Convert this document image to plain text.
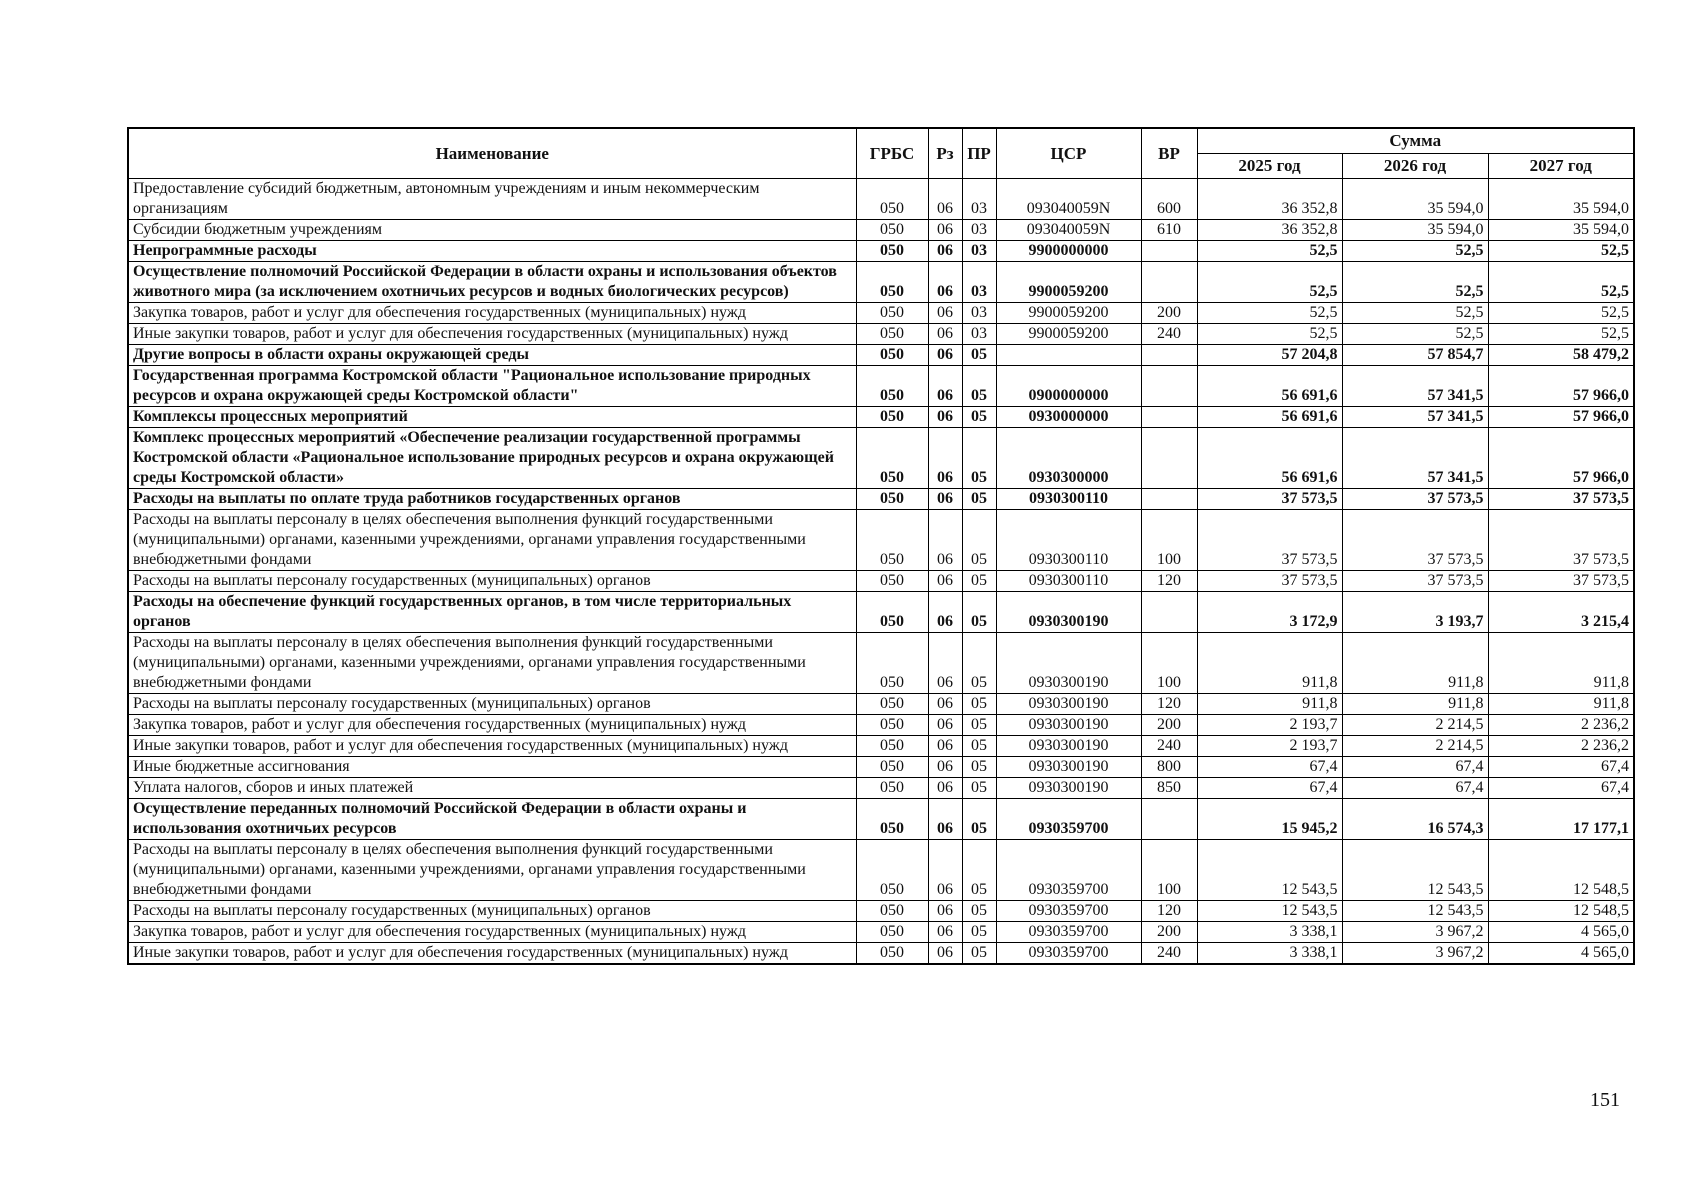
Наименование	ГРБС	Рз	ПР	ЦСР	ВР	Сумма		
						2025 год	2026 год	2027 год
Предоставление субсидий бюджетным, автономным учреждениям и иным некоммерческим организациям	050	06	03	093040059N	600	36 352,8	35 594,0	35 594,0
Субсидии бюджетным учреждениям	050	06	03	093040059N	610	36 352,8	35 594,0	35 594,0
Непрограммные расходы	050	06	03	9900000000		52,5	52,5	52,5
Осуществление полномочий Российской Федерации в области охраны и использования объектов животного мира (за исключением охотничьих ресурсов и водных биологических ресурсов)	050	06	03	9900059200		52,5	52,5	52,5
Закупка товаров, работ и услуг для обеспечения государственных (муниципальных) нужд	050	06	03	9900059200	200	52,5	52,5	52,5
Иные закупки товаров, работ и услуг для обеспечения государственных (муниципальных) нужд	050	06	03	9900059200	240	52,5	52,5	52,5
Другие вопросы в области охраны окружающей среды	050	06	05			57 204,8	57 854,7	58 479,2
Государственная программа Костромской области "Рациональное использование природных ресурсов и охрана окружающей среды Костромской области"	050	06	05	0900000000		56 691,6	57 341,5	57 966,0
Комплексы процессных мероприятий	050	06	05	0930000000		56 691,6	57 341,5	57 966,0
Комплекс процессных мероприятий «Обеспечение реализации государственной программы Костромской области «Рациональное использование природных ресурсов и охрана окружающей среды Костромской области»	050	06	05	0930300000		56 691,6	57 341,5	57 966,0
Расходы на выплаты по оплате труда работников государственных органов	050	06	05	0930300110		37 573,5	37 573,5	37 573,5
Расходы на выплаты персоналу в целях обеспечения выполнения функций государственными (муниципальными) органами, казенными учреждениями, органами управления государственными внебюджетными фондами	050	06	05	0930300110	100	37 573,5	37 573,5	37 573,5
Расходы на выплаты персоналу государственных (муниципальных) органов	050	06	05	0930300110	120	37 573,5	37 573,5	37 573,5
Расходы на обеспечение функций государственных органов, в том числе территориальных органов	050	06	05	0930300190		3 172,9	3 193,7	3 215,4
Расходы на выплаты персоналу в целях обеспечения выполнения функций государственными (муниципальными) органами, казенными учреждениями, органами управления государственными внебюджетными фондами	050	06	05	0930300190	100	911,8	911,8	911,8
Расходы на выплаты персоналу государственных (муниципальных) органов	050	06	05	0930300190	120	911,8	911,8	911,8
Закупка товаров, работ и услуг для обеспечения государственных (муниципальных) нужд	050	06	05	0930300190	200	2 193,7	2 214,5	2 236,2
Иные закупки товаров, работ и услуг для обеспечения государственных (муниципальных) нужд	050	06	05	0930300190	240	2 193,7	2 214,5	2 236,2
Иные бюджетные ассигнования	050	06	05	0930300190	800	67,4	67,4	67,4
Уплата налогов, сборов и иных платежей	050	06	05	0930300190	850	67,4	67,4	67,4
Осуществление переданных полномочий Российской Федерации в области охраны и использования охотничьих ресурсов	050	06	05	0930359700		15 945,2	16 574,3	17 177,1
Расходы на выплаты персоналу в целях обеспечения выполнения функций государственными (муниципальными) органами, казенными учреждениями, органами управления государственными внебюджетными фондами	050	06	05	0930359700	100	12 543,5	12 543,5	12 548,5
Расходы на выплаты персоналу государственных (муниципальных) органов	050	06	05	0930359700	120	12 543,5	12 543,5	12 548,5
Закупка товаров, работ и услуг для обеспечения государственных (муниципальных) нужд	050	06	05	0930359700	200	3 338,1	3 967,2	4 565,0
Иные закупки товаров, работ и услуг для обеспечения государственных (муниципальных) нужд	050	06	05	0930359700	240	3 338,1	3 967,2	4 565,0
151
